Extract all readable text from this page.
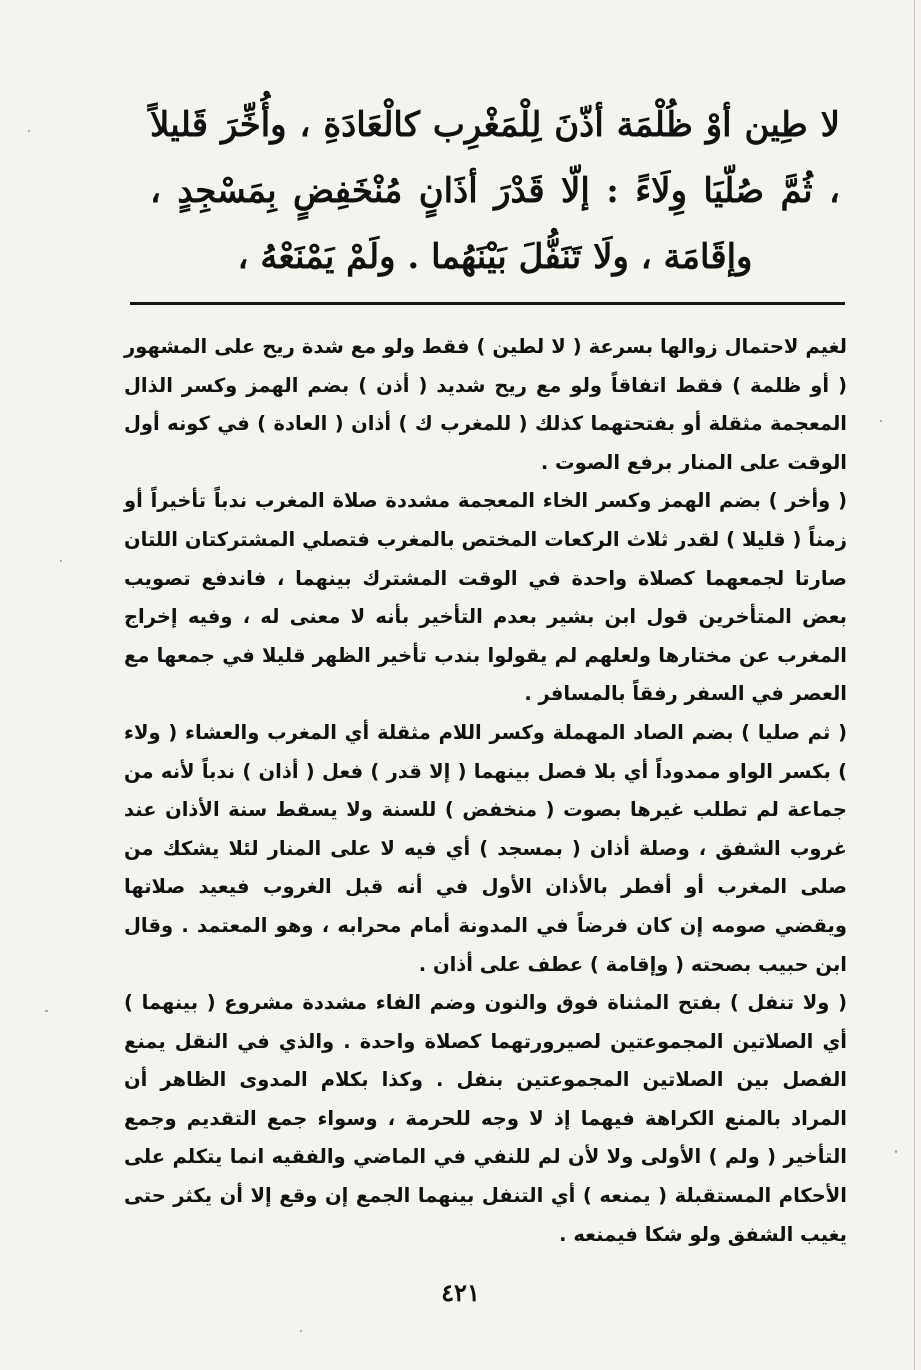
لا طِين أوْ ظُلْمَة أذّنَ لِلْمَغْرِب كالْعَادَةِ ، وأُخِّرَ قَليلاً ، ثُمَّ صُلّيَا وِلَاءً : إلّا قَدْرَ أذَانٍ مُنْخَفِضٍ بِمَسْجِدٍ ، وإقَامَة ، ولَا تَنَفُّلَ بَيْنَهُما . ولَمْ يَمْنَعْهُ ،

لغيم لاحتمال زوالها بسرعة ( لا لطين ) فقط ولو مع شدة ريح على المشهور ( أو ظلمة ) فقط اتفاقاً ولو مع ريح شديد ( أذن ) بضم الهمز وكسر الذال المعجمة مثقلة أو بفتحتهما كذلك ( للمغرب ك ) أذان ( العادة ) في كونه أول الوقت على المنار برفع الصوت .

( وأخر ) بضم الهمز وكسر الخاء المعجمة مشددة صلاة المغرب ندباً تأخيراً أو زمناً ( قليلا ) لقدر ثلاث الركعات المختص بالمغرب فتصلي المشتركتان اللتان صارتا لجمعهما كصلاة واحدة في الوقت المشترك بينهما ، فاندفع تصويب بعض المتأخرين قول ابن بشير بعدم التأخير بأنه لا معنى له ، وفيه إخراج المغرب عن مختارها ولعلهم لم يقولوا بندب تأخير الظهر قليلا في جمعها مع العصر في السفر رفقاً بالمسافر .

( ثم صليا ) بضم الصاد المهملة وكسر اللام مثقلة أي المغرب والعشاء ( ولاء ) بكسر الواو ممدوداً أي بلا فصل بينهما ( إلا قدر ) فعل ( أذان ) ندباً لأنه من جماعة لم تطلب غيرها بصوت ( منخفض ) للسنة ولا يسقط سنة الأذان عند غروب الشفق ، وصلة أذان ( بمسجد ) أي فيه لا على المنار لئلا يشكك من صلى المغرب أو أفطر بالأذان الأول في أنه قبل الغروب فيعيد صلاتها ويقضي صومه إن كان فرضاً في المدونة أمام محرابه ، وهو المعتمد . وقال ابن حبيب بصحته ( وإقامة ) عطف على أذان .

( ولا تنفل ) بفتح المثناة فوق والنون وضم الفاء مشددة مشروع ( بينهما ) أي الصلاتين المجموعتين لصيرورتهما كصلاة واحدة . والذي في النقل يمنع الفصل بين الصلاتين المجموعتين بنفل . وكذا بكلام المدوى الظاهر أن المراد بالمنع الكراهة فيهما إذ لا وجه للحرمة ، وسواء جمع التقديم وجمع التأخير ( ولم ) الأولى ولا لأن لم للنفي في الماضي والفقيه انما يتكلم على الأحكام المستقبلة ( يمنعه ) أي التنفل بينهما الجمع إن وقع إلا أن يكثر حتى يغيب الشفق ولو شكا فيمنعه .

٤٢١
